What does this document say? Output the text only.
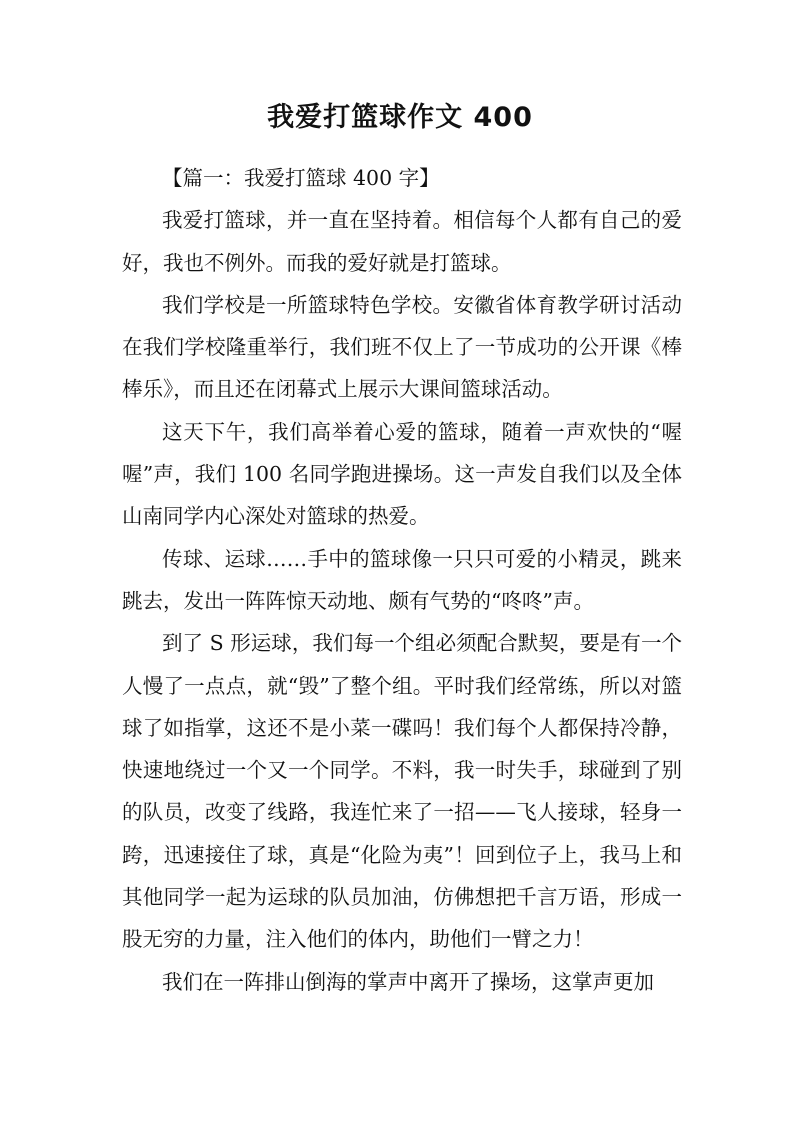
我爱打篮球作文 400

【篇一：我爱打篮球 400 字】

我爱打篮球，并一直在坚持着。相信每个人都有自己的爱好，我也不例外。而我的爱好就是打篮球。

我们学校是一所篮球特色学校。安徽省体育教学研讨活动在我们学校隆重举行，我们班不仅上了一节成功的公开课《棒棒乐》，而且还在闭幕式上展示大课间篮球活动。

这天下午，我们高举着心爱的篮球，随着一声欢快的“喔喔”声，我们 100 名同学跑进操场。这一声发自我们以及全体山南同学内心深处对篮球的热爱。

传球、运球……手中的篮球像一只只可爱的小精灵，跳来跳去，发出一阵阵惊天动地、颇有气势的“咚咚”声。

到了 S 形运球，我们每一个组必须配合默契，要是有一个人慢了一点点，就“毁”了整个组。平时我们经常练，所以对篮球了如指掌，这还不是小菜一碟吗！我们每个人都保持冷静，快速地绕过一个又一个同学。不料，我一时失手，球碰到了别的队员，改变了线路，我连忙来了一招——飞人接球，轻身一跨，迅速接住了球，真是“化险为夷”！回到位子上，我马上和其他同学一起为运球的队员加油，仿佛想把千言万语，形成一股无穷的力量，注入他们的体内，助他们一臂之力！

我们在一阵排山倒海的掌声中离开了操场，这掌声更加
